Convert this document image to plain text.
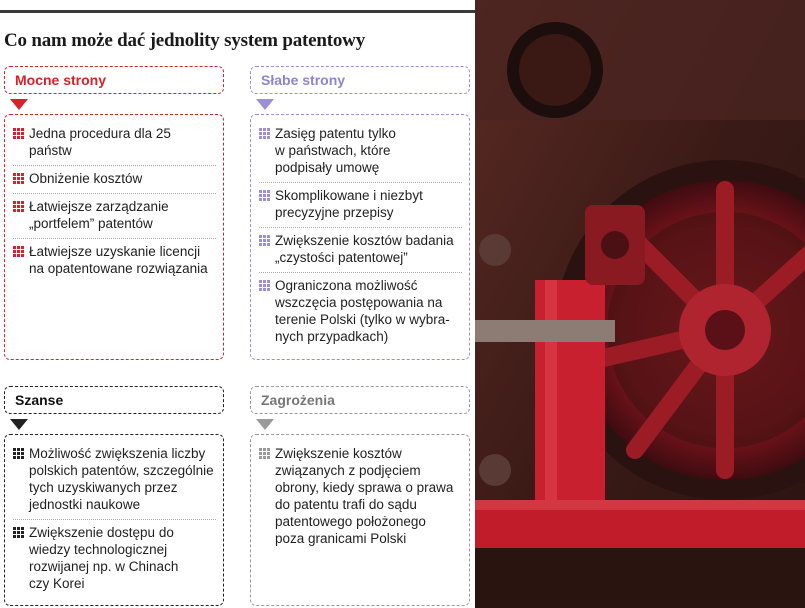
Co nam może dać jednolity system patentowy
Mocne strony
Jedna procedura dla 25 państw
Obniżenie kosztów
Łatwiejsze zarządzanie
„portfelem” patentów
Łatwiejsze uzyskanie licencji
na opatentowane rozwiązania
Słabe strony
Zasięg patentu tylko
w państwach, które
podpisały umowę
Skomplikowane i niezbyt
precyzyjne przepisy
Zwiększenie kosztów badania
„czystości patentowej”
Ograniczona możliwość
wszczęcia postępowania na
terenie Polski (tylko w wybra-
nych przypadkach)
Szanse
Możliwość zwiększenia liczby
polskich patentów, szczególnie
tych uzyskiwanych przez
jednostki naukowe
Zwiększenie dostępu do
wiedzy technologicznej
rozwijanej np. w Chinach
czy Korei
Zagrożenia
Zwiększenie kosztów
związanych z podjęciem
obrony, kiedy sprawa o prawa
do patentu trafi do sądu
patentowego położonego
poza granicami Polski
